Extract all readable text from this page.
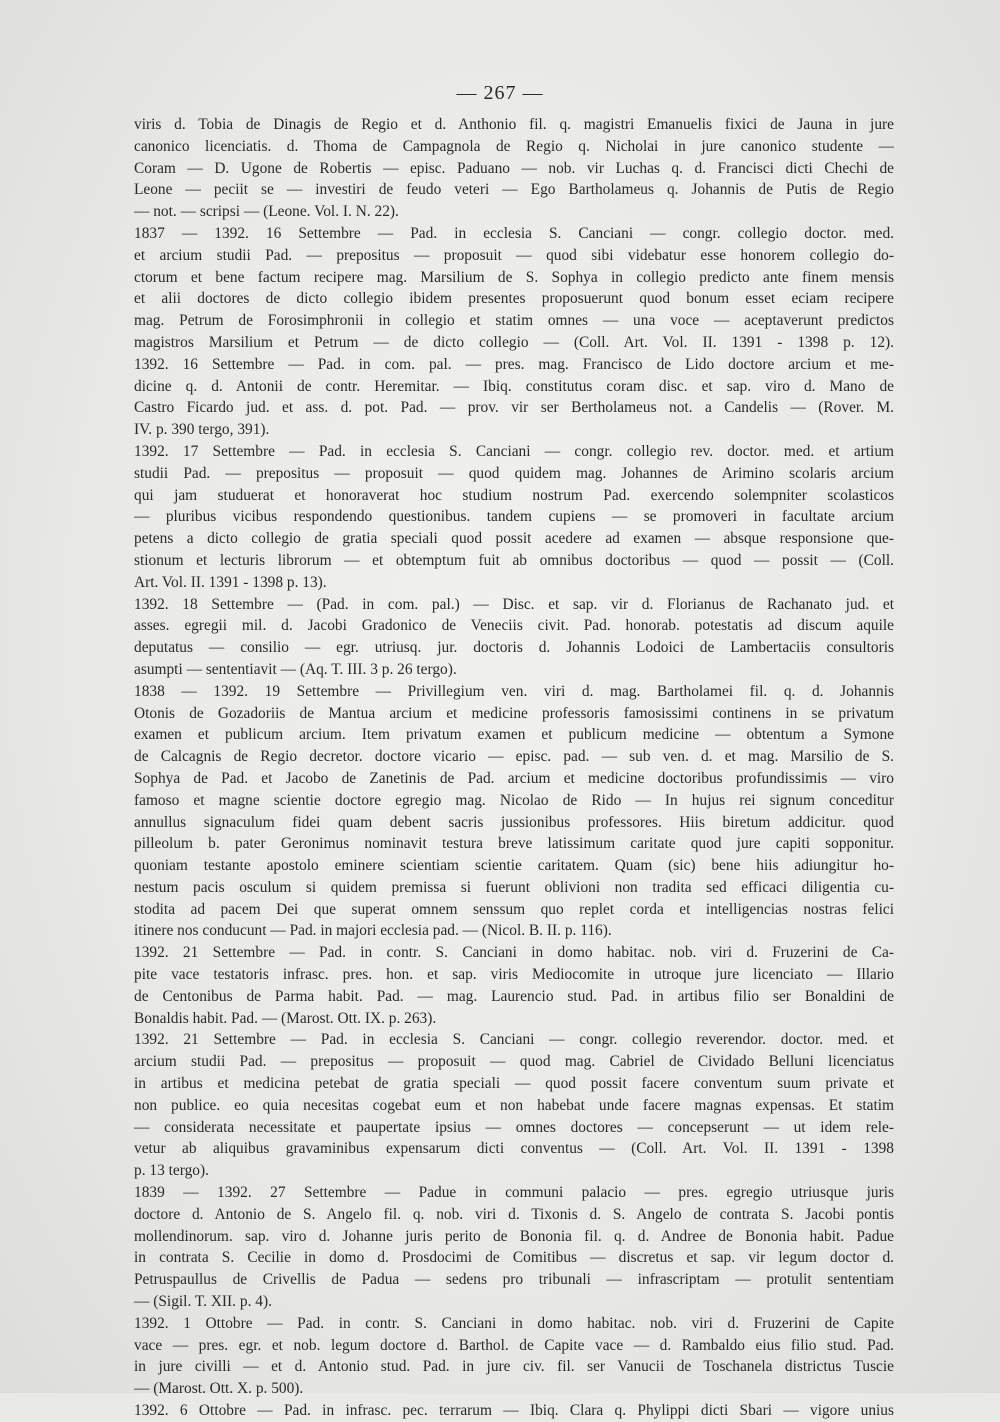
— 267 —
viris d. Tobia de Dinagis de Regio et d. Anthonio fil. q. magistri Emanuelis fixici de Jauna in jure
canonico licenciatis. d. Thoma de Campagnola de Regio q. Nicholai in jure canonico studente —
Coram — D. Ugone de Robertis — episc. Paduano — nob. vir Luchas q. d. Francisci dicti Chechi de
Leone — peciit se — investiri de feudo veteri — Ego Bartholameus q. Johannis de Putis de Regio
— not. — scripsi — (Leone. Vol. I. N. 22).
1837 — 1392. 16 Settembre — Pad. in ecclesia S. Canciani — congr. collegio doctor. med.
et arcium studii Pad. — prepositus — proposuit — quod sibi videbatur esse honorem collegio do-
ctorum et bene factum recipere mag. Marsilium de S. Sophya in collegio predicto ante finem mensis
et alii doctores de dicto collegio ibidem presentes proposuerunt quod bonum esset eciam recipere
mag. Petrum de Forosimphronii in collegio et statim omnes — una voce — aceptaverunt predictos
magistros Marsilium et Petrum — de dicto collegio — (Coll. Art. Vol. II. 1391 - 1398 p. 12).
1392. 16 Settembre — Pad. in com. pal. — pres. mag. Francisco de Lido doctore arcium et me-
dicine q. d. Antonii de contr. Heremitar. — Ibiq. constitutus coram disc. et sap. viro d. Mano de
Castro Ficardo jud. et ass. d. pot. Pad. — prov. vir ser Bertholameus not. a Candelis — (Rover. M.
IV. p. 390 tergo, 391).
1392. 17 Settembre — Pad. in ecclesia S. Canciani — congr. collegio rev. doctor. med. et artium
studii Pad. — prepositus — proposuit — quod quidem mag. Johannes de Arimino scolaris arcium
qui jam studuerat et honoraverat hoc studium nostrum Pad. exercendo solempniter scolasticos
— pluribus vicibus respondendo questionibus. tandem cupiens — se promoveri in facultate arcium
petens a dicto collegio de gratia speciali quod possit acedere ad examen — absque responsione que-
stionum et lecturis librorum — et obtemptum fuit ab omnibus doctoribus — quod — possit — (Coll.
Art. Vol. II. 1391 - 1398 p. 13).
1392. 18 Settembre — (Pad. in com. pal.) — Disc. et sap. vir d. Florianus de Rachanato jud. et
asses. egregii mil. d. Jacobi Gradonico de Veneciis civit. Pad. honorab. potestatis ad discum aquile
deputatus — consilio — egr. utriusq. jur. doctoris d. Johannis Lodoici de Lambertaciis consultoris
asumpti — sententiavit — (Aq. T. III. 3 p. 26 tergo).
1838 — 1392. 19 Settembre — Privillegium ven. viri d. mag. Bartholamei fil. q. d. Johannis
Otonis de Gozadoriis de Mantua arcium et medicine professoris famosissimi continens in se privatum
examen et publicum arcium. Item privatum examen et publicum medicine — obtentum a Symone
de Calcagnis de Regio decretor. doctore vicario — episc. pad. — sub ven. d. et mag. Marsilio de S.
Sophya de Pad. et Jacobo de Zanetinis de Pad. arcium et medicine doctoribus profundissimis — viro
famoso et magne scientie doctore egregio mag. Nicolao de Rido — In hujus rei signum conceditur
annullus signaculum fidei quam debent sacris jussionibus professores. Hiis biretum addicitur. quod
pilleolum b. pater Geronimus nominavit testura breve latissimum caritate quod jure capiti sopponitur.
quoniam testante apostolo eminere scientiam scientie caritatem. Quam (sic) bene hiis adiungitur ho-
nestum pacis osculum si quidem premissa si fuerunt oblivioni non tradita sed efficaci diligentia cu-
stodita ad pacem Dei que superat omnem senssum quo replet corda et intelligencias nostras felici
itinere nos conducunt — Pad. in majori ecclesia pad. — (Nicol. B. II. p. 116).
1392. 21 Settembre — Pad. in contr. S. Canciani in domo habitac. nob. viri d. Fruzerini de Ca-
pite vace testatoris infrasc. pres. hon. et sap. viris Mediocomite in utroque jure licenciato — Illario
de Centonibus de Parma habit. Pad. — mag. Laurencio stud. Pad. in artibus filio ser Bonaldini de
Bonaldis habit. Pad. — (Marost. Ott. IX. p. 263).
1392. 21 Settembre — Pad. in ecclesia S. Canciani — congr. collegio reverendor. doctor. med. et
arcium studii Pad. — prepositus — proposuit — quod mag. Cabriel de Cividado Belluni licenciatus
in artibus et medicina petebat de gratia speciali — quod possit facere conventum suum private et
non publice. eo quia necesitas cogebat eum et non habebat unde facere magnas expensas. Et statim
— considerata necessitate et paupertate ipsius — omnes doctores — concepserunt — ut idem rele-
vetur ab aliquibus gravaminibus expensarum dicti conventus — (Coll. Art. Vol. II. 1391 - 1398
p. 13 tergo).
1839 — 1392. 27 Settembre — Padue in communi palacio — pres. egregio utriusque juris
doctore d. Antonio de S. Angelo fil. q. nob. viri d. Tixonis d. S. Angelo de contrata S. Jacobi pontis
mollendinorum. sap. viro d. Johanne juris perito de Bononia fil. q. d. Andree de Bononia habit. Padue
in contrata S. Cecilie in domo d. Prosdocimi de Comitibus — discretus et sap. vir legum doctor d.
Petruspaullus de Crivellis de Padua — sedens pro tribunali — infrascriptam — protulit sententiam
— (Sigil. T. XII. p. 4).
1392. 1 Ottobre — Pad. in contr. S. Canciani in domo habitac. nob. viri d. Fruzerini de Capite
vace — pres. egr. et nob. legum doctore d. Barthol. de Capite vace — d. Rambaldo eius filio stud. Pad.
in jure civilli — et d. Antonio stud. Pad. in jure civ. fil. ser Vanucii de Toschanela districtus Tuscie
— (Marost. Ott. X. p. 500).
1392. 6 Ottobre — Pad. in infrasc. pec. terrarum — Ibiq. Clara q. Phylippi dicti Sbari — vigore unius
